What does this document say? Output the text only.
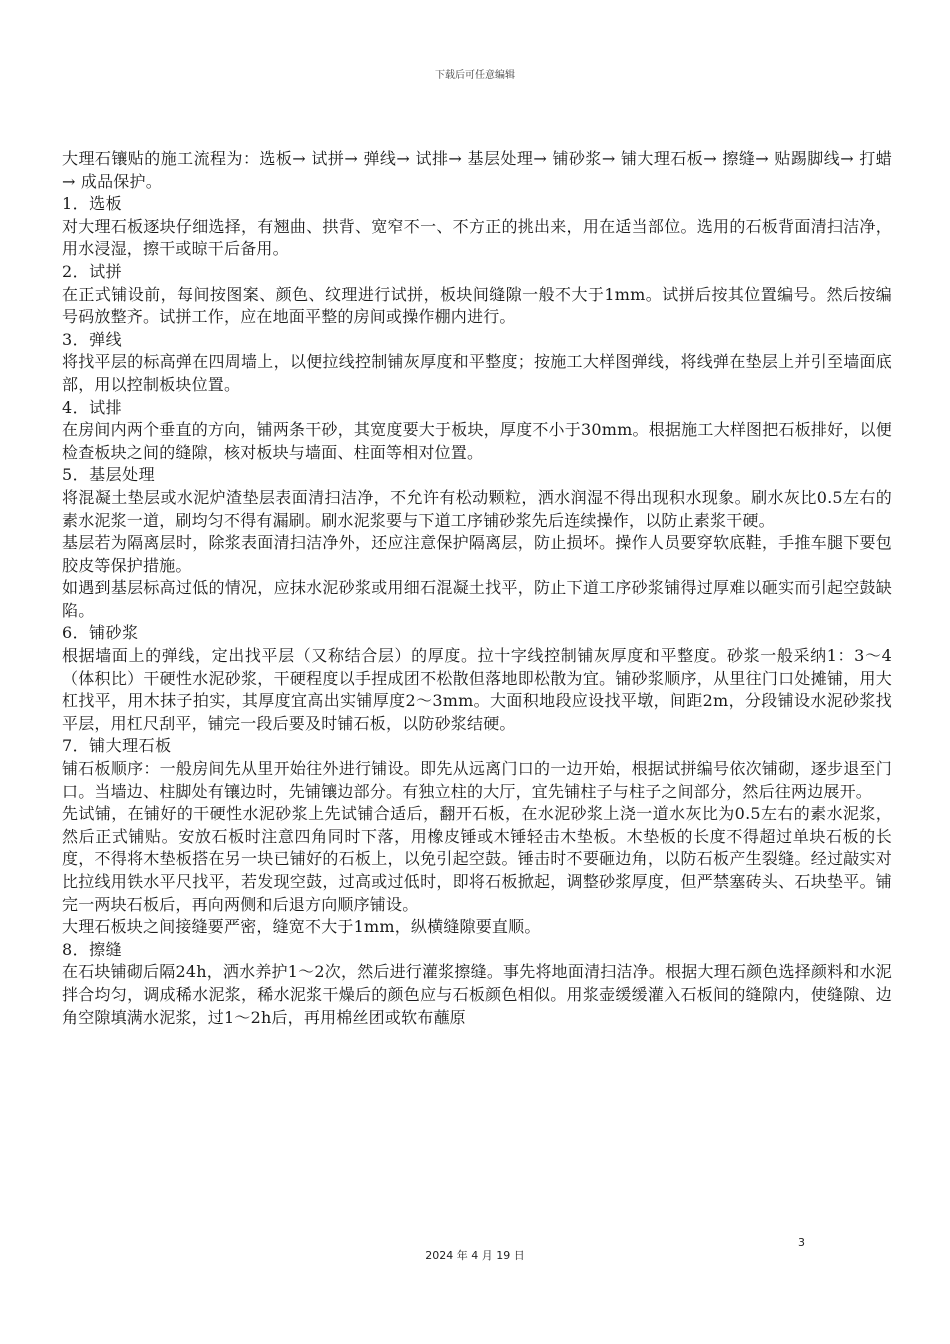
下载后可任意编辑

大理石镶贴的施工流程为：选板→ 试拼→ 弹线→ 试排→ 基层处理→ 铺砂浆→ 铺大理石板→ 擦缝→ 贴踢脚线→ 打蜡→ 成品保护。

1．选板

对大理石板逐块仔细选择，有翘曲、拱背、宽窄不一、不方正的挑出来，用在适当部位。选用的石板背面清扫洁净，用水浸湿，擦干或晾干后备用。

2．试拼

在正式铺设前，每间按图案、颜色、纹理进行试拼，板块间缝隙一般不大于1mm。试拼后按其位置编号。然后按编号码放整齐。试拼工作，应在地面平整的房间或操作棚内进行。

3．弹线

将找平层的标高弹在四周墙上，以便拉线控制铺灰厚度和平整度；按施工大样图弹线，将线弹在垫层上并引至墙面底部，用以控制板块位置。

4．试排

在房间内两个垂直的方向，铺两条干砂，其宽度要大于板块，厚度不小于30mm。根据施工大样图把石板排好，以便检查板块之间的缝隙，核对板块与墙面、柱面等相对位置。

5．基层处理

将混凝土垫层或水泥炉渣垫层表面清扫洁净，不允许有松动颗粒，洒水润湿不得出现积水现象。刷水灰比0.5左右的素水泥浆一道，刷均匀不得有漏刷。刷水泥浆要与下道工序铺砂浆先后连续操作，以防止素浆干硬。

基层若为隔离层时，除浆表面清扫洁净外，还应注意保护隔离层，防止损坏。操作人员要穿软底鞋，手推车腿下要包胶皮等保护措施。

如遇到基层标高过低的情况，应抹水泥砂浆或用细石混凝土找平，防止下道工序砂浆铺得过厚难以砸实而引起空鼓缺陷。

6．铺砂浆

根据墙面上的弹线，定出找平层（又称结合层）的厚度。拉十字线控制铺灰厚度和平整度。砂浆一般采纳1：3～4（体积比）干硬性水泥砂浆，干硬程度以手捏成团不松散但落地即松散为宜。铺砂浆顺序，从里往门口处摊铺，用大杠找平，用木抹子拍实，其厚度宜高出实铺厚度2～3mm。大面积地段应设找平墩，间距2m，分段铺设水泥砂浆找平层，用杠尺刮平，铺完一段后要及时铺石板，以防砂浆结硬。

7．铺大理石板

铺石板顺序：一般房间先从里开始往外进行铺设。即先从远离门口的一边开始，根据试拼编号依次铺砌，逐步退至门口。当墙边、柱脚处有镶边时，先铺镶边部分。有独立柱的大厅，宜先铺柱子与柱子之间部分，然后往两边展开。

先试铺，在铺好的干硬性水泥砂浆上先试铺合适后，翻开石板，在水泥砂浆上浇一道水灰比为0.5左右的素水泥浆，然后正式铺贴。安放石板时注意四角同时下落，用橡皮锤或木锤轻击木垫板。木垫板的长度不得超过单块石板的长度，不得将木垫板搭在另一块已铺好的石板上，以免引起空鼓。锤击时不要砸边角，以防石板产生裂缝。经过敲实对比拉线用铁水平尺找平，若发现空鼓，过高或过低时，即将石板掀起，调整砂浆厚度，但严禁塞砖头、石块垫平。铺完一两块石板后，再向两侧和后退方向顺序铺设。

大理石板块之间接缝要严密，缝宽不大于1mm，纵横缝隙要直顺。

8．擦缝

在石块铺砌后隔24h，洒水养护1～2次，然后进行灌浆擦缝。事先将地面清扫洁净。根据大理石颜色选择颜料和水泥拌合均匀，调成稀水泥浆，稀水泥浆干燥后的颜色应与石板颜色相似。用浆壶缓缓灌入石板间的缝隙内，使缝隙、边角空隙填满水泥浆，过1～2h后，再用棉丝团或软布蘸原

3
2024 年 4 月 19 日
